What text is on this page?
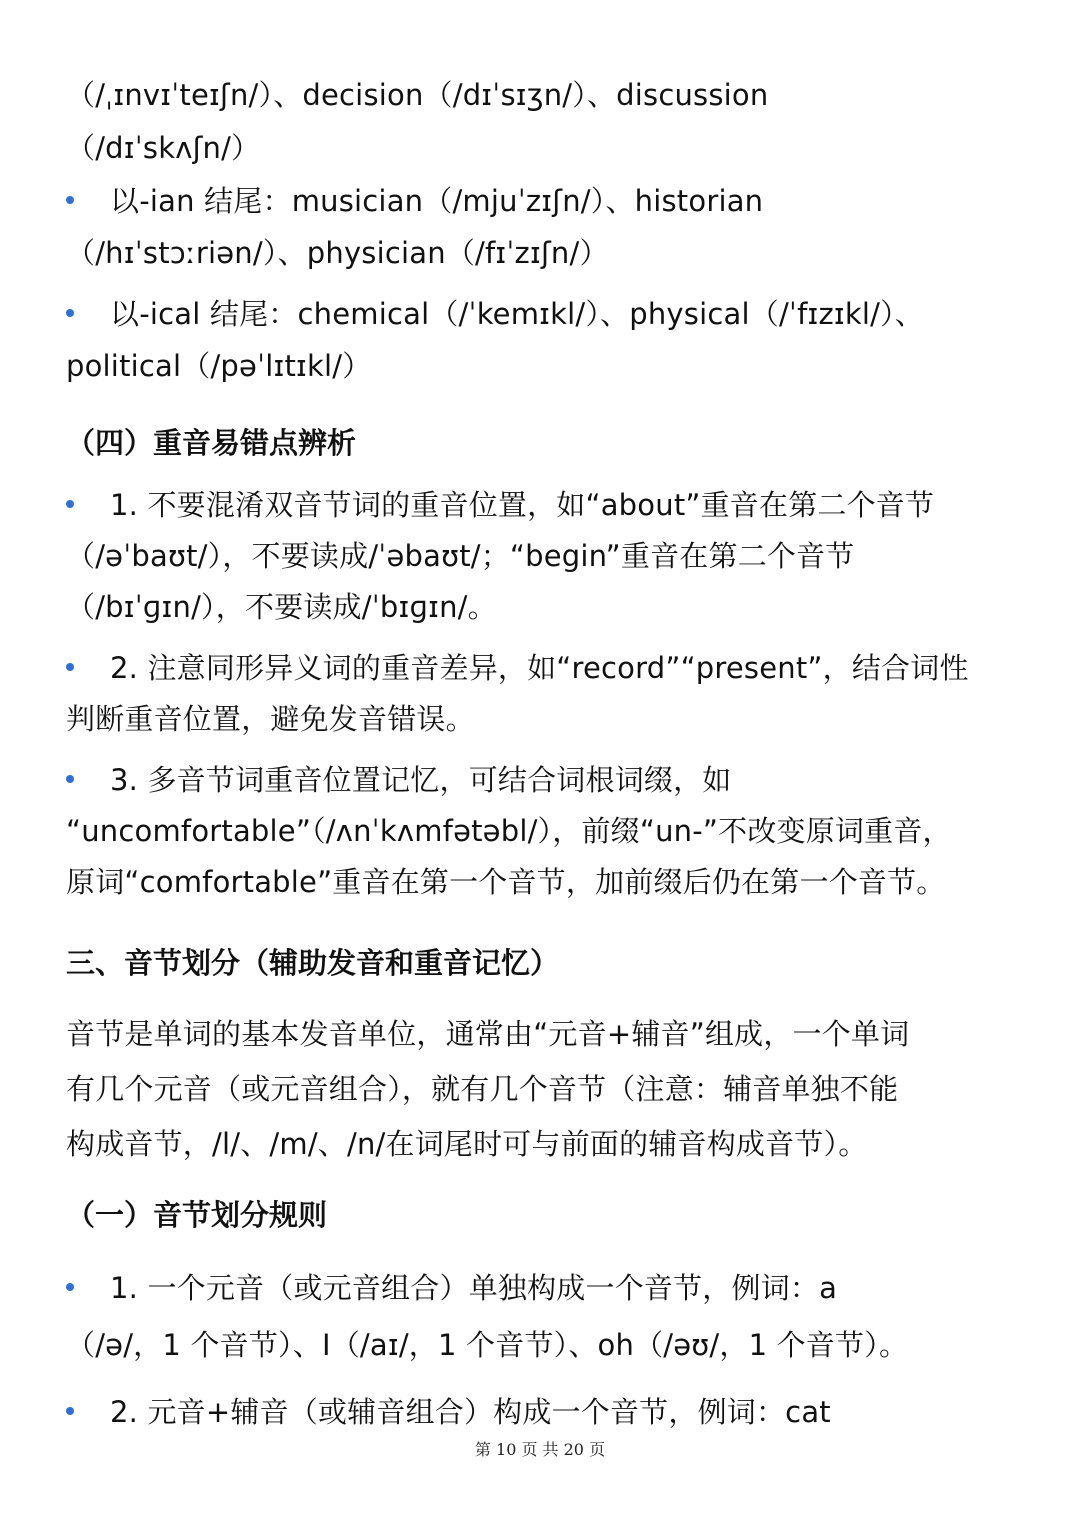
（/ˌɪnvɪˈteɪʃn/）、decision（/dɪˈsɪʒn/）、discussion

（/dɪˈskʌʃn/）

以-ian 结尾：musician（/mjuˈzɪʃn/）、historian

（/hɪˈstɔːriən/）、physician（/fɪˈzɪʃn/）

以-ical 结尾：chemical（/ˈkemɪkl/）、physical（/ˈfɪzɪkl/）、

political（/pəˈlɪtɪkl/）

（四）重音易错点辨析

1. 不要混淆双音节词的重音位置，如“about”重音在第二个音节

（/əˈbaʊt/），不要读成/ˈəbaʊt/；“begin”重音在第二个音节

（/bɪˈɡɪn/），不要读成/ˈbɪɡɪn/。

2. 注意同形异义词的重音差异，如“record”“present”，结合词性

判断重音位置，避免发音错误。

3. 多音节词重音位置记忆，可结合词根词缀，如

“uncomfortable”（/ʌnˈkʌmfətəbl/），前缀“un-”不改变原词重音，

原词“comfortable”重音在第一个音节，加前缀后仍在第一个音节。

三、音节划分（辅助发音和重音记忆）

音节是单词的基本发音单位，通常由“元音+辅音”组成，一个单词

有几个元音（或元音组合），就有几个音节（注意：辅音单独不能

构成音节，/l/、/m/、/n/在词尾时可与前面的辅音构成音节）。

（一）音节划分规则

1. 一个元音（或元音组合）单独构成一个音节，例词：a

（/ə/，1 个音节）、I（/aɪ/，1 个音节）、oh（/əʊ/，1 个音节）。

2. 元音+辅音（或辅音组合）构成一个音节，例词：cat

第 10 页 共 20 页
